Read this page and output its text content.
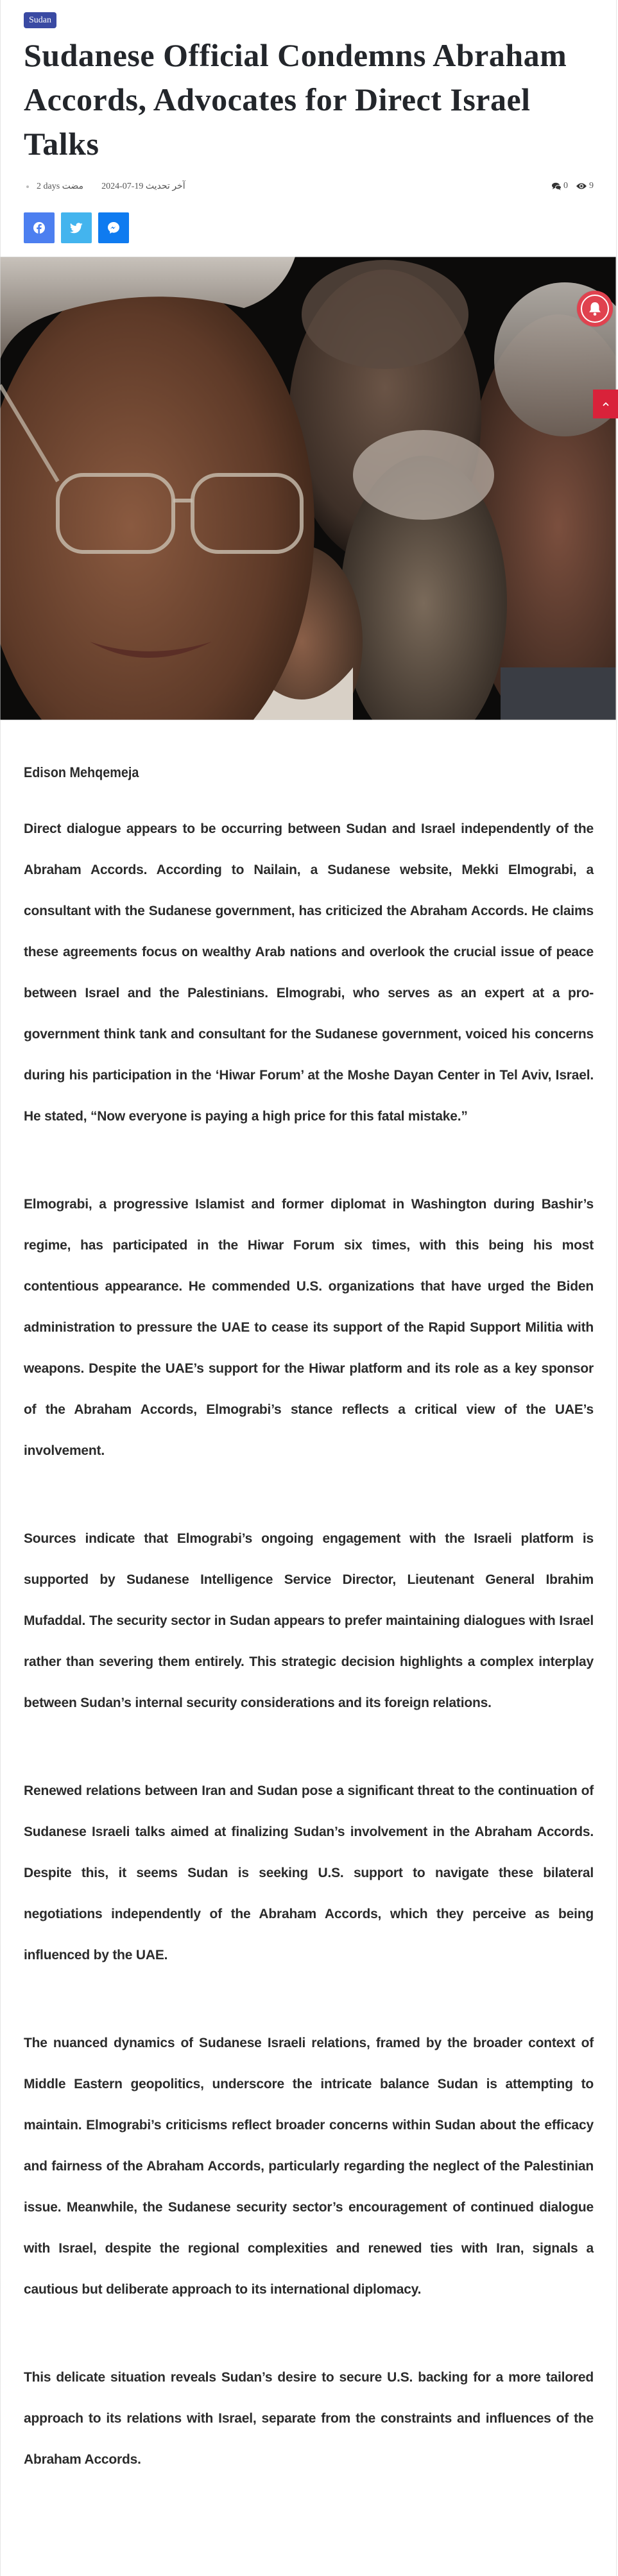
Sudan
Sudanese Official Condemns Abraham Accords, Advocates for Direct Israel Talks
2 days مضت آخر تحديث 19-07-2024	0 9

Edison Mehqemeja

Direct dialogue appears to be occurring between Sudan and Israel independently of the Abraham Accords. According to Nailain, a Sudanese website, Mekki Elmograbi, a consultant with the Sudanese government, has criticized the Abraham Accords. He claims these agreements focus on wealthy Arab nations and overlook the crucial issue of peace between Israel and the Palestinians. Elmograbi, who serves as an expert at a pro-government think tank and consultant for the Sudanese government, voiced his concerns during his participation in the ‘Hiwar Forum’ at the Moshe Dayan Center in Tel Aviv, Israel. He stated, “Now everyone is paying a high price for this fatal mistake.”

Elmograbi, a progressive Islamist and former diplomat in Washington during Bashir’s regime, has participated in the Hiwar Forum six times, with this being his most contentious appearance. He commended U.S. organizations that have urged the Biden administration to pressure the UAE to cease its support of the Rapid Support Militia with weapons. Despite the UAE’s support for the Hiwar platform and its role as a key sponsor of the Abraham Accords, Elmograbi’s stance reflects a critical view of the UAE’s involvement.

Sources indicate that Elmograbi’s ongoing engagement with the Israeli platform is supported by Sudanese Intelligence Service Director, Lieutenant General Ibrahim Mufaddal. The security sector in Sudan appears to prefer maintaining dialogues with Israel rather than severing them entirely. This strategic decision highlights a complex interplay between Sudan’s internal security considerations and its foreign relations.

Renewed relations between Iran and Sudan pose a significant threat to the continuation of Sudanese Israeli talks aimed at finalizing Sudan’s involvement in the Abraham Accords. Despite this, it seems Sudan is seeking U.S. support to navigate these bilateral negotiations independently of the Abraham Accords, which they perceive as being influenced by the UAE.

The nuanced dynamics of Sudanese Israeli relations, framed by the broader context of Middle Eastern geopolitics, underscore the intricate balance Sudan is attempting to maintain. Elmograbi’s criticisms reflect broader concerns within Sudan about the efficacy and fairness of the Abraham Accords, particularly regarding the neglect of the Palestinian issue. Meanwhile, the Sudanese security sector’s encouragement of continued dialogue with Israel, despite the regional complexities and renewed ties with Iran, signals a cautious but deliberate approach to its international diplomacy.

This delicate situation reveals Sudan’s desire to secure U.S. backing for a more tailored approach to its relations with Israel, separate from the constraints and influences of the Abraham Accords.
